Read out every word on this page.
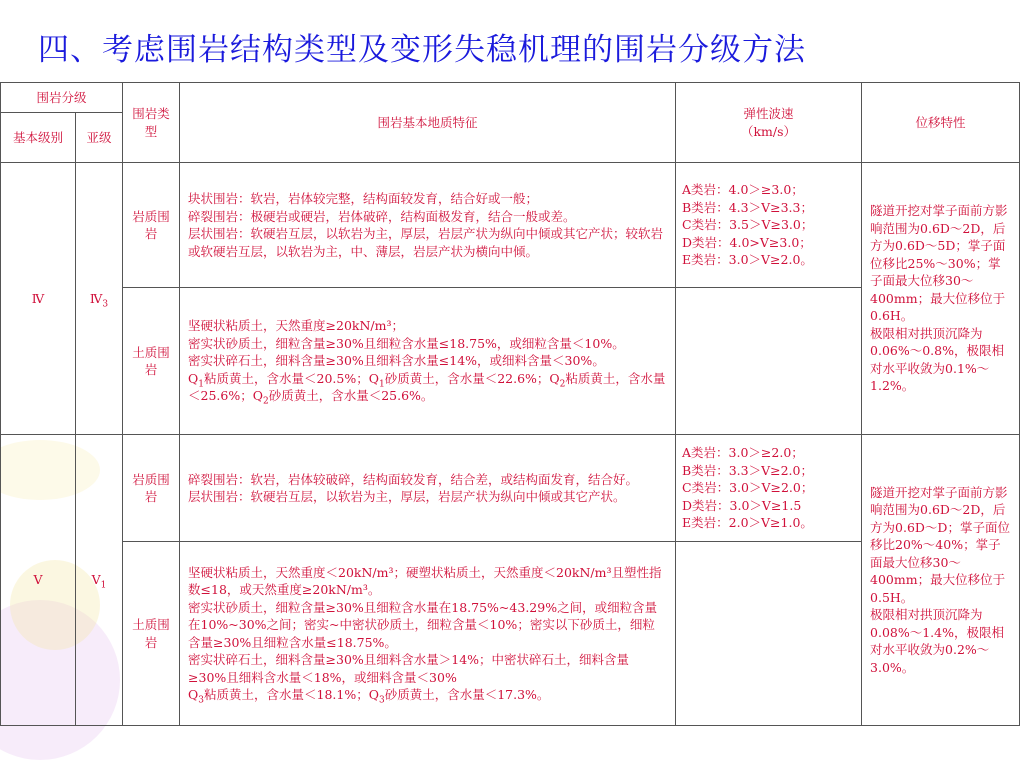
四、考虑围岩结构类型及变形失稳机理的围岩分级方法
围岩分级		围岩类型	围岩基本地质特征	弹性波速
（km/s）	位移特性
基本级别	亚级				
Ⅳ	$Ⅳ_3$	岩质围岩	块状围岩：软岩，岩体较完整，结构面较发育，结合好或一般；
碎裂围岩：极硬岩或硬岩，岩体破碎，结构面极发育，结合一般或差。
层状围岩：软硬岩互层，以软岩为主，厚层，岩层产状为纵向中倾或其它产状；较软岩或软硬岩互层，以软岩为主，中、薄层，岩层产状为横向中倾。	A类岩：4.0＞≥3.0；
B类岩：4.3＞V≥3.3；
C类岩：3.5＞V≥3.0；
D类岩：4.0>V≥3.0；
E类岩：3.0＞V≥2.0。	隧道开挖对掌子面前方影响范围为0.6D～2D，后方为0.6D～5D；掌子面位移比25%～30%；掌子面最大位移30～400mm；最大位移位于0.6H。
极限相对拱顶沉降为0.06%～0.8%，极限相对水平收敛为0.1%～1.2%。

		土质围岩	坚硬状粘质土，天然重度≥20kN/m³；
密实状砂质土，细粒含量≥30%且细粒含水量≤18.75%，或细粒含量＜10%。
密实状碎石土，细料含量≥30%且细料含水量≤14%，或细料含量＜30%。
$Q_1$粘质黄土，含水量＜20.5%；$Q_1$砂质黄土，含水量＜22.6%；$Q_2$粘质黄土，含水量＜25.6%；$Q_2$砂质黄土，含水量＜25.6%。		

Ⅴ	$Ⅴ_1$	岩质围岩	碎裂围岩：软岩，岩体较破碎，结构面较发育，结合差，或结构面发育，结合好。
层状围岩：软硬岩互层，以软岩为主，厚层，岩层产状为纵向中倾或其它产状。	A类岩：3.0＞≥2.0；
B类岩：3.3＞V≥2.0；
C类岩：3.0＞V≥2.0；
D类岩：3.0＞V≥1.5
E类岩：2.0＞V≥1.0。	隧道开挖对掌子面前方影响范围为0.6D～2D，后方为0.6D～D；掌子面位移比20%～40%；掌子面最大位移30～400mm；最大位移位于0.5H。
极限相对拱顶沉降为0.08%～1.4%，极限相对水平收敛为0.2%～3.0%。

		土质围岩	坚硬状粘质土，天然重度＜20kN/m³；硬塑状粘质土，天然重度＜20kN/m³且塑性指数≤18，或天然重度≥20kN/m³。
密实状砂质土，细粒含量≥30%且细粒含水量在18.75%~43.29%之间，或细粒含量在10%~30%之间；密实~中密状砂质土，细粒含量＜10%；密实以下砂质土，细粒含量≥30%且细粒含水量≤18.75%。
密实状碎石土，细料含量≥30%且细料含水量＞14%；中密状碎石土，细料含量≥30%且细料含水量＜18%，或细料含量＜30%
$Q_3$粘质黄土，含水量＜18.1%；$Q_3$砂质黄土，含水量＜17.3%。		
